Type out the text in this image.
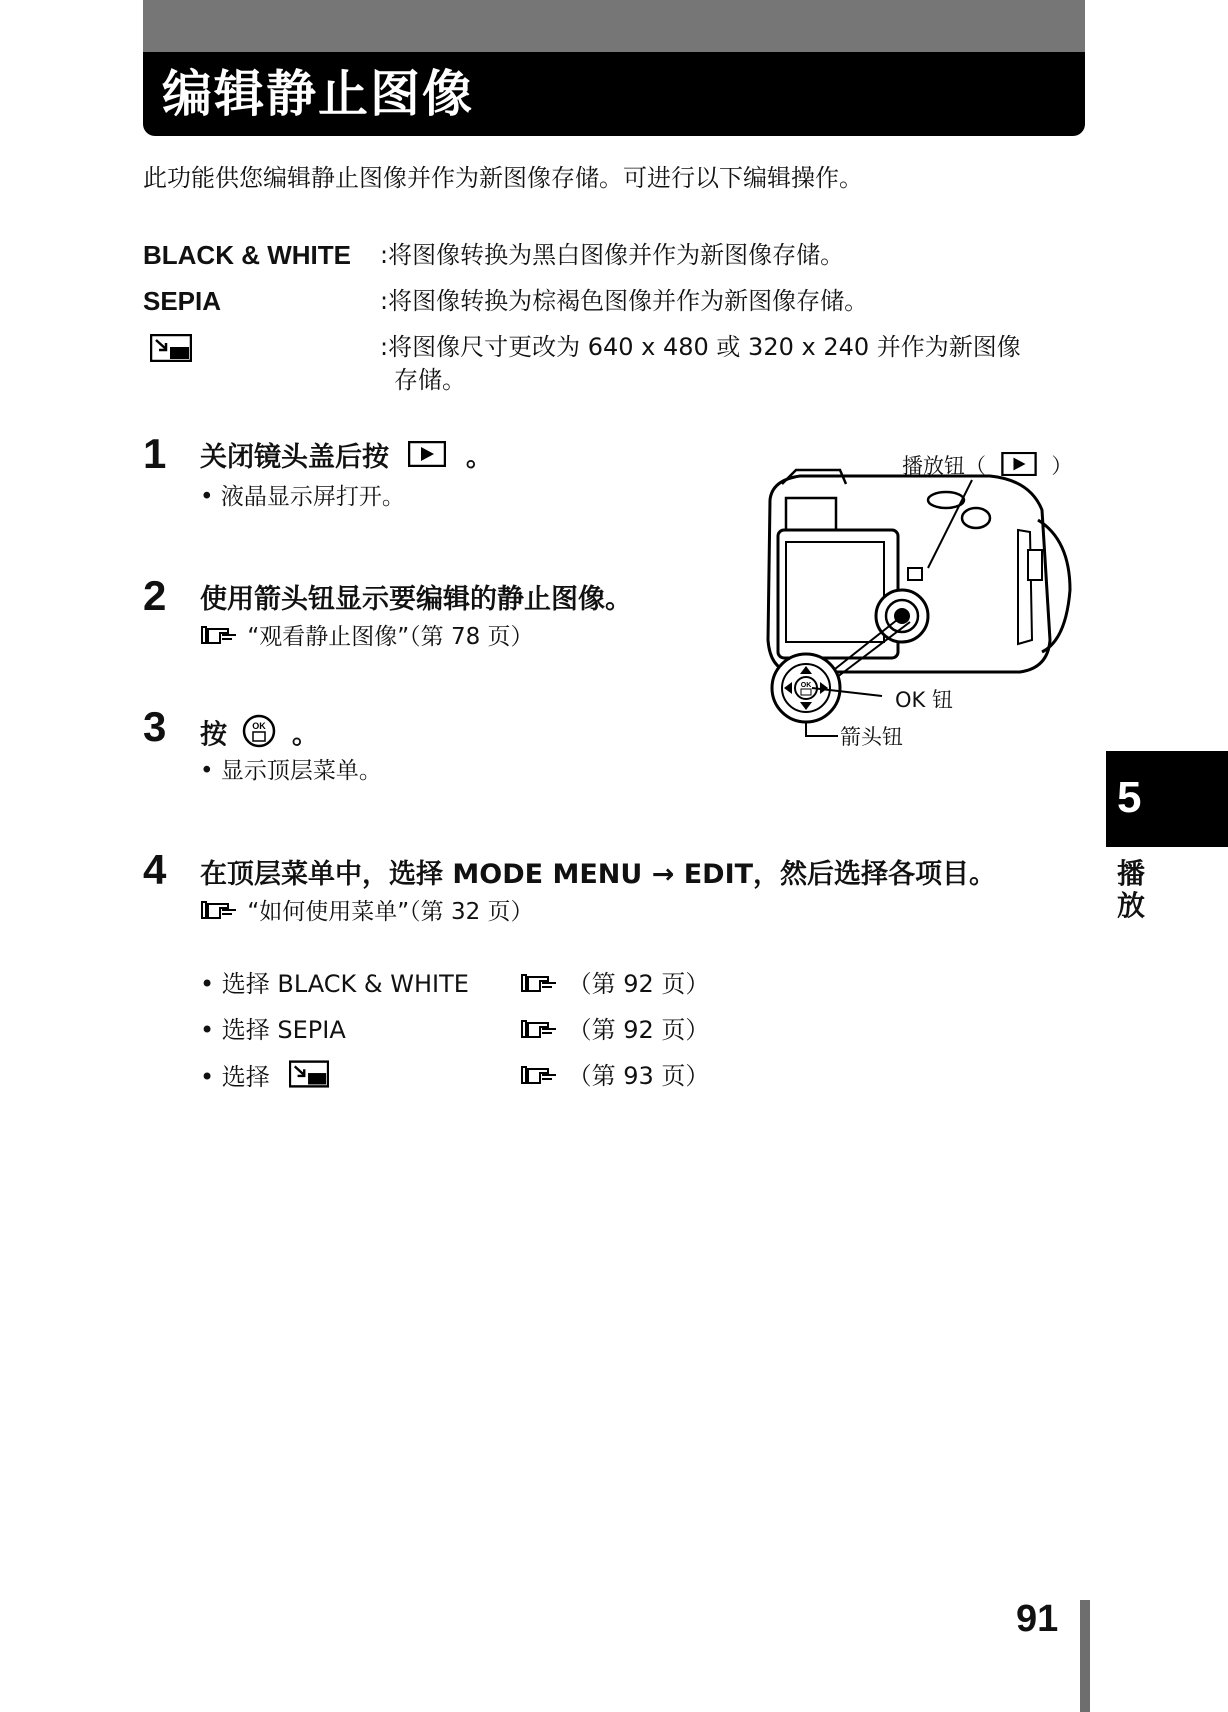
编辑静止图像
此功能供您编辑静止图像并作为新图像存储。可进行以下编辑操作。
BLACK & WHITE :将图像转换为黑白图像并作为新图像存储。
SEPIA	:将图像转换为棕褐色图像并作为新图像存储。
:将图像尺寸更改为 640 x 480 或 320 x 240 并作为新图像
存储。
1 关闭镜头盖后按	。
• 液晶显示屏打开。
2 使用箭头钮显示要编辑的静止图像。
“观看静止图像”（第 78 页）
3 按	OK 。
• 显示顶层菜单。
4 在顶层菜单中，选择 MODE MENU → EDIT，然后选择各项目。
“如何使用菜单”（第 32 页）
• 选择 BLACK & WHITE	（第 92 页）
• 选择 SEPIA	（第 92 页）
• 选择	（第 93 页）
OK
播放钮（	）
OK 钮
箭头钮
5
播放
91
